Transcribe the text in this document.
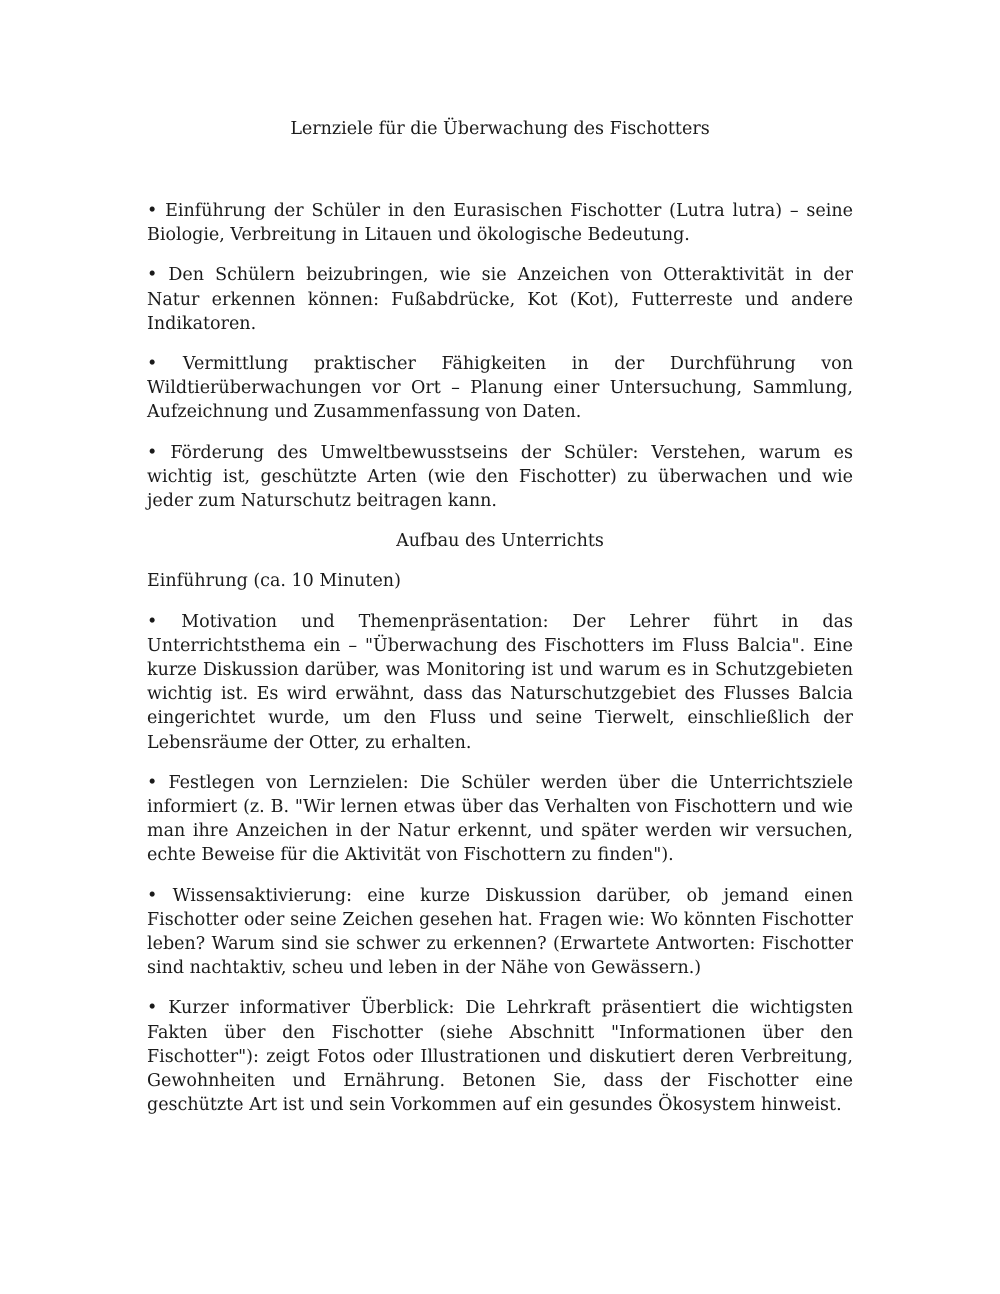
Lernziele für die Überwachung des Fischotters

• Einführung der Schüler in den Eurasischen Fischotter (Lutra lutra) – seine Biologie, Verbreitung in Litauen und ökologische Bedeutung.

• Den Schülern beizubringen, wie sie Anzeichen von Otteraktivität in der Natur erkennen können: Fußabdrücke, Kot (Kot), Futterreste und andere Indikatoren.

• Vermittlung praktischer Fähigkeiten in der Durchführung von Wildtierüberwachungen vor Ort – Planung einer Untersuchung, Sammlung, Aufzeichnung und Zusammenfassung von Daten.

• Förderung des Umweltbewusstseins der Schüler: Verstehen, warum es wichtig ist, geschützte Arten (wie den Fischotter) zu überwachen und wie jeder zum Naturschutz beitragen kann.

Aufbau des Unterrichts

Einführung (ca. 10 Minuten)

• Motivation und Themenpräsentation: Der Lehrer führt in das Unterrichtsthema ein – "Überwachung des Fischotters im Fluss Balcia". Eine kurze Diskussion darüber, was Monitoring ist und warum es in Schutzgebieten wichtig ist. Es wird erwähnt, dass das Naturschutzgebiet des Flusses Balcia eingerichtet wurde, um den Fluss und seine Tierwelt, einschließlich der Lebensräume der Otter, zu erhalten.

• Festlegen von Lernzielen: Die Schüler werden über die Unterrichtsziele informiert (z. B. "Wir lernen etwas über das Verhalten von Fischottern und wie man ihre Anzeichen in der Natur erkennt, und später werden wir versuchen, echte Beweise für die Aktivität von Fischottern zu finden").

• Wissensaktivierung: eine kurze Diskussion darüber, ob jemand einen Fischotter oder seine Zeichen gesehen hat. Fragen wie: Wo könnten Fischotter leben? Warum sind sie schwer zu erkennen? (Erwartete Antworten: Fischotter sind nachtaktiv, scheu und leben in der Nähe von Gewässern.)

• Kurzer informativer Überblick: Die Lehrkraft präsentiert die wichtigsten Fakten über den Fischotter (siehe Abschnitt "Informationen über den Fischotter"): zeigt Fotos oder Illustrationen und diskutiert deren Verbreitung, Gewohnheiten und Ernährung. Betonen Sie, dass der Fischotter eine geschützte Art ist und sein Vorkommen auf ein gesundes Ökosystem hinweist.
